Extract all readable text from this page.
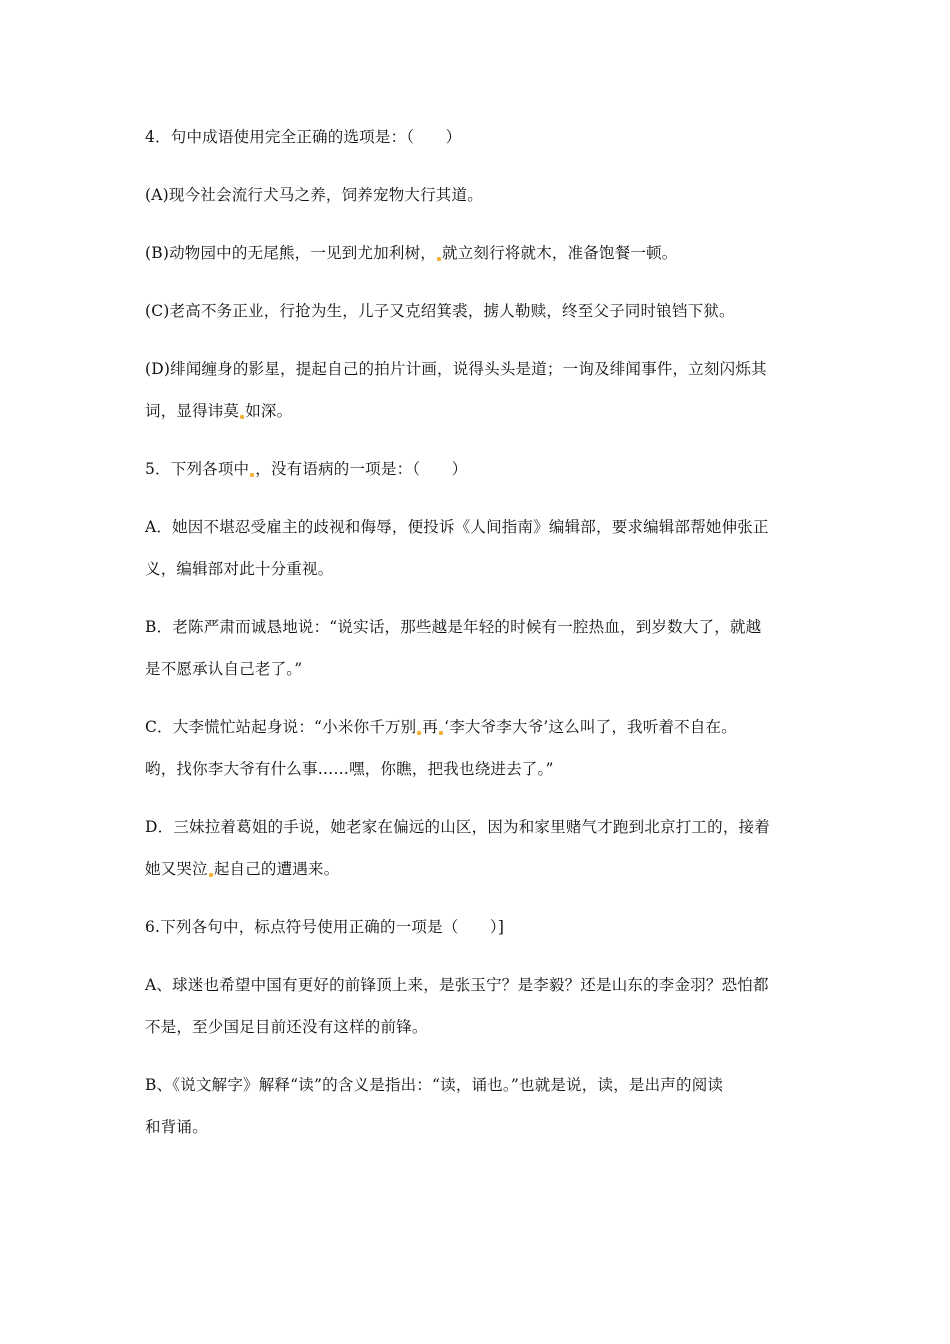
4．句中成语使用完全正确的选项是：（　　）
(A)现今社会流行犬马之养，饲养宠物大行其道。
(B)动物园中的无尾熊，一见到尤加利树， 就立刻行将就木，准备饱餐一顿。
(C)老高不务正业，行抢为生，儿子又克绍箕裘，掳人勒赎，终至父子同时锒铛下狱。
(D)绯闻缠身的影星，提起自己的拍片计画，说得头头是道；一询及绯闻事件，立刻闪烁其
词，显得讳莫 如深。
5．下列各项中 ，没有语病的一项是：（　　）
A．她因不堪忍受雇主的歧视和侮辱，便投诉《人间指南》编辑部，要求编辑部帮她伸张正
义，编辑部对此十分重视。
B．老陈严肃而诚恳地说：“说实话，那些越是年轻的时候有一腔热血，到岁数大了，就越
是不愿承认自己老了。”
C．大李慌忙站起身说：“小米你千万别 再 ‘李大爷李大爷’这么叫了，我听着不自在。
哟，找你李大爷有什么事……嘿，你瞧，把我也绕进去了。”
D．三妹拉着葛姐的手说，她老家在偏远的山区，因为和家里赌气才跑到北京打工的，接着
她又哭泣 起自己的遭遇来。
6.下列各句中，标点符号使用正确的一项是（　　）]
A、球迷也希望中国有更好的前锋顶上来，是张玉宁？是李毅？还是山东的李金羽？恐怕都
不是，至少国足目前还没有这样的前锋。
B、《说文解字》解释“读”的含义是指出：“读，诵也。”也就是说，读，是出声的阅读
和背诵。
